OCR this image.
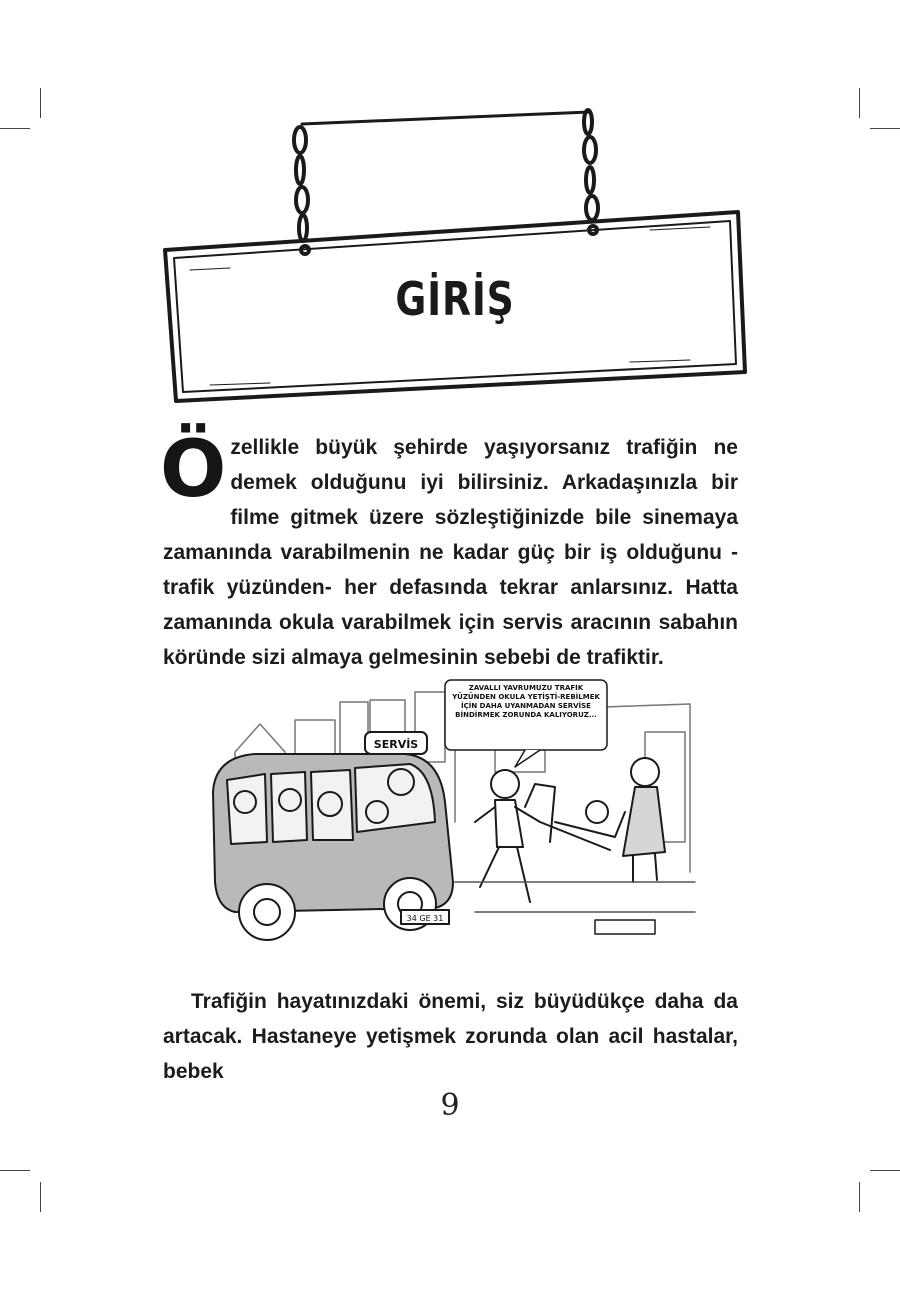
GİRİŞ
Özellikle büyük şehirde yaşıyorsanız trafiğin ne demek olduğunu iyi bilirsiniz. Arkadaşınızla bir filme gitmek üzere sözleştiğinizde bile sinemaya zamanında varabilmenin ne kadar güç bir iş olduğunu -trafik yüzünden- her defasında tekrar anlarsınız. Hatta zamanında okula varabilmek için servis aracının sabahın köründe sizi almaya gelmesinin sebebi de trafiktir.
ZAVALLI YAVRUMUZU TRAFİK YÜZÜNDEN OKULA YETİŞTİ-REBİLMEK İÇİN DAHA UYANMADAN SERVİSE BİNDİRMEK ZORUNDA KALIYORUZ...
SERVİS
34 GE 31
Trafiğin hayatınızdaki önemi, siz büyüdükçe daha da artacak. Hastaneye yetişmek zorunda olan acil hastalar, bebek
9
